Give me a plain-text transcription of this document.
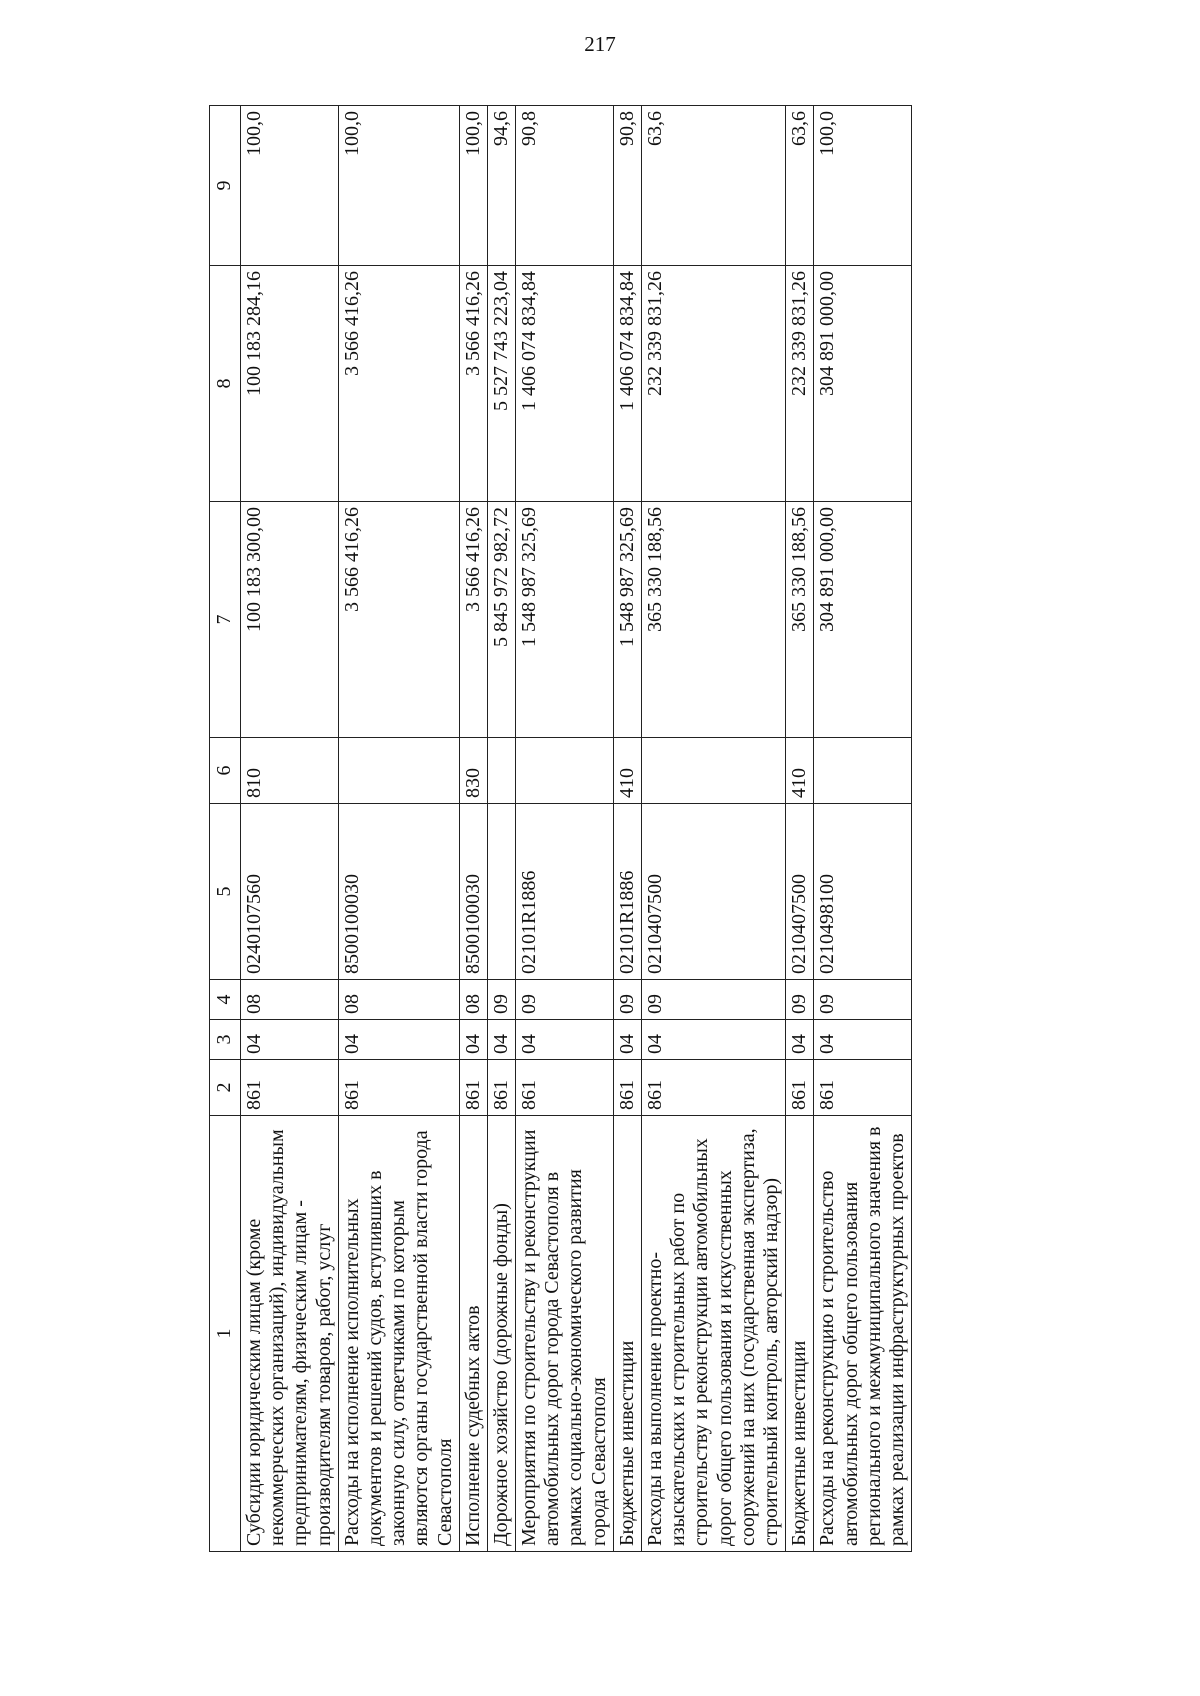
217
1	2	3	4	5	6	7	8	9
Субсидии юридическим лицам (кроме некоммерческих организаций), индивидуальным предпринимателям, физическим лицам - производителям товаров, работ, услуг	861	04	08	0240107560	810	100 183 300,00	100 183 284,16	100,0
Расходы на исполнение исполнительных документов и решений судов, вступивших в законную силу, ответчиками по которым являются органы государственной власти города Севастополя	861	04	08	8500100030		3 566 416,26	3 566 416,26	100,0
Исполнение судебных актов	861	04	08	8500100030	830	3 566 416,26	3 566 416,26	100,0
Дорожное хозяйство (дорожные фонды)	861	04	09			5 845 972 982,72	5 527 743 223,04	94,6
Мероприятия по строительству и реконструкции автомобильных дорог города Севастополя в рамках социально-экономического развития города Севастополя	861	04	09	02101R1886		1 548 987 325,69	1 406 074 834,84	90,8
Бюджетные инвестиции	861	04	09	02101R1886	410	1 548 987 325,69	1 406 074 834,84	90,8
Расходы на выполнение проектно-изыскательских и строительных работ по строительству и реконструкции автомобильных дорог общего пользования и искусственных сооружений на них (государственная экспертиза, строительный контроль, авторский надзор)	861	04	09	0210407500		365 330 188,56	232 339 831,26	63,6
Бюджетные инвестиции	861	04	09	0210407500	410	365 330 188,56	232 339 831,26	63,6
Расходы на реконструкцию и строительство автомобильных дорог общего пользования регионального и межмуниципального значения в рамках реализации инфраструктурных проектов	861	04	09	0210498100		304 891 000,00	304 891 000,00	100,0
